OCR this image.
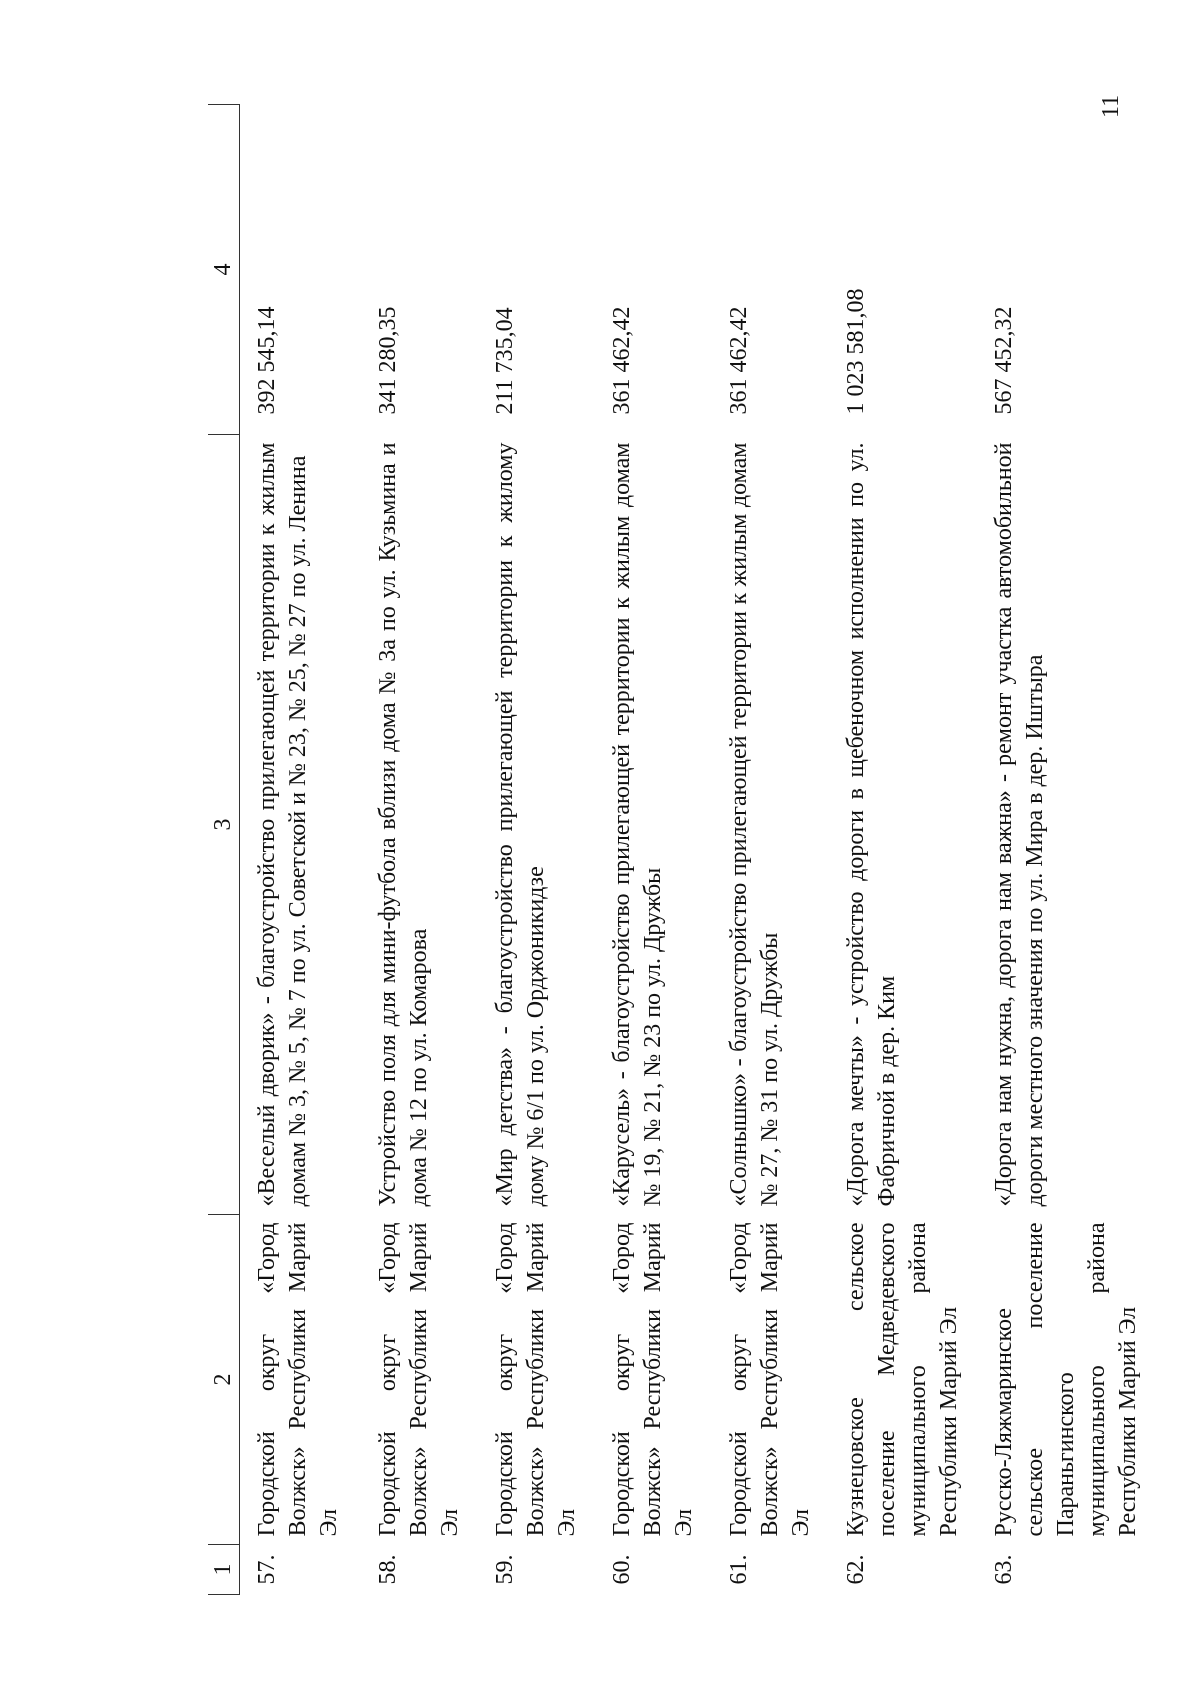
11
1	2	3	4
57.	Городской округ «Город Волжск» Республики Марий Эл	«Веселый дворик» - благоустройство прилегающей территории к жилым домам № 3, № 5, № 7 по ул. Советской и № 23, № 25, № 27 по ул. Ленина	392 545,14
58.	Городской округ «Город Волжск» Республики Марий Эл	Устройство поля для мини-футбола вблизи дома № 3а по ул. Кузьмина и дома № 12 по ул. Комарова	341 280,35
59.	Городской округ «Город Волжск» Республики Марий Эл	«Мир детства» - благоустройство прилегающей территории к жилому дому № 6/1 по ул. Орджоникидзе	211 735,04
60.	Городской округ «Город Волжск» Республики Марий Эл	«Карусель» - благоустройство прилегающей территории к жилым домам № 19, № 21, № 23 по ул. Дружбы	361 462,42
61.	Городской округ «Город Волжск» Республики Марий Эл	«Солнышко» - благоустройство прилегающей территории к жилым домам № 27, № 31 по ул. Дружбы	361 462,42
62.	Кузнецовское сельское поселение Медведевского муниципального района Республики Марий Эл	«Дорога мечты» - устройство дороги в щебеночном исполнении по ул. Фабричной в дер. Ким	1 023 581,08
63.	Русско-Ляжмаринское сельское поселение Параньгинского муниципального района Республики Марий Эл	«Дорога нам нужна, дорога нам важна» - ремонт участка автомобильной дороги местного значения по ул. Мира в дер. Иштыра	567 452,32
